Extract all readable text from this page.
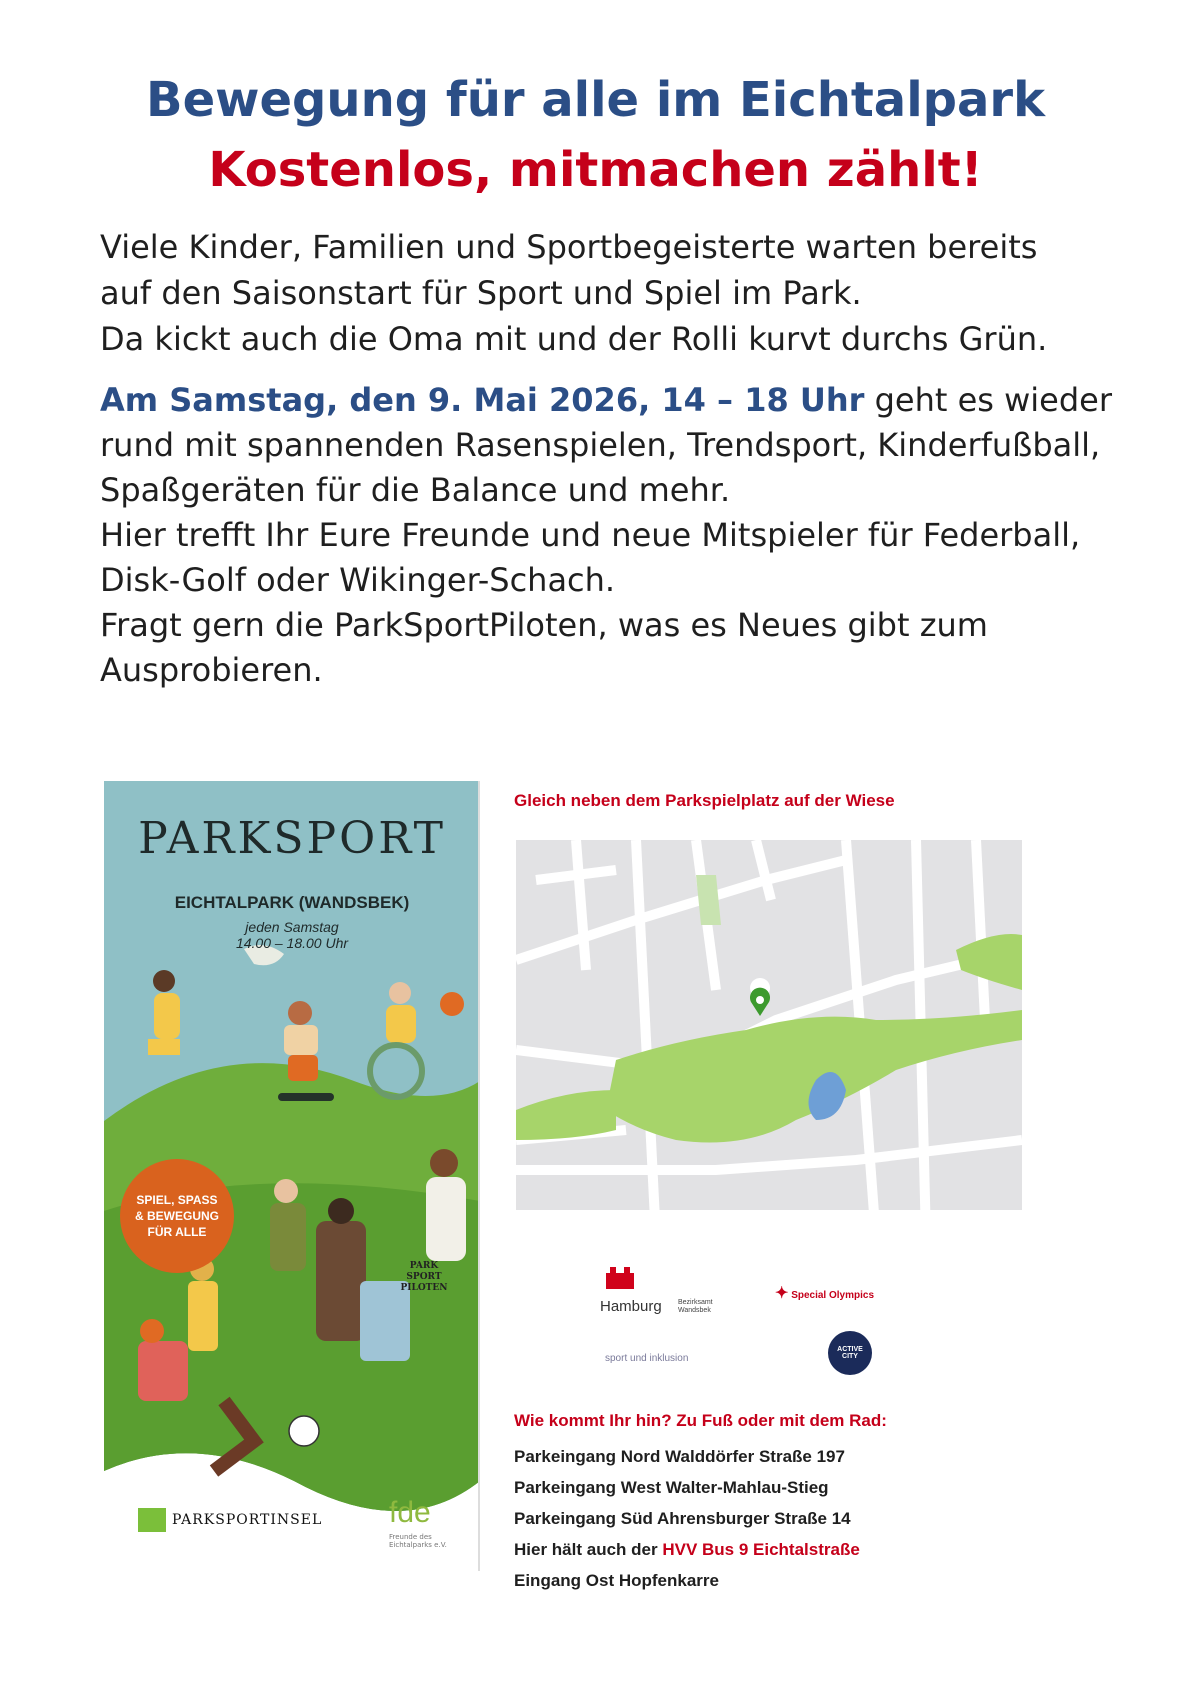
Bewegung für alle im Eichtalpark
Kostenlos, mitmachen zählt!

Viele Kinder, Familien und Sportbegeisterte warten bereits
auf den Saisonstart für Sport und Spiel im Park.
Da kickt auch die Oma mit und der Rolli kurvt durchs Grün.

Am Samstag, den 9. Mai 2026, 14 – 18 Uhr geht es wieder
rund mit spannenden Rasenspielen, Trendsport, Kinderfußball,
Spaßgeräten für die Balance und mehr.
Hier trefft Ihr Eure Freunde und neue Mitspieler für Federball,
Disk-Golf oder Wikinger-Schach.
Fragt gern die ParkSportPiloten, was es Neues gibt zum
Ausprobieren.

PARKSPORT
EICHTALPARK (WANDSBEK)
jeden Samstag
14.00 – 18.00 Uhr
SPIEL, SPASS & BEWEGUNG FÜR ALLE
PARK SPORT PILOTEN
PARKSPORTINSEL fde
Freunde des Eichtalparks e.V.
Gleich neben dem Parkspielplatz auf der Wiese
Hamburg Bezirksamt Wandsbek
✦ Special Olympics
sport und inklusion
ACTIVE CITY
Wie kommt Ihr hin? Zu Fuß oder mit dem Rad:
Parkeingang Nord Walddörfer Straße 197
Parkeingang West Walter-Mahlau-Stieg
Parkeingang Süd Ahrensburger Straße 14
Hier hält auch der HVV Bus 9 Eichtalstraße
Eingang Ost Hopfenkarre
